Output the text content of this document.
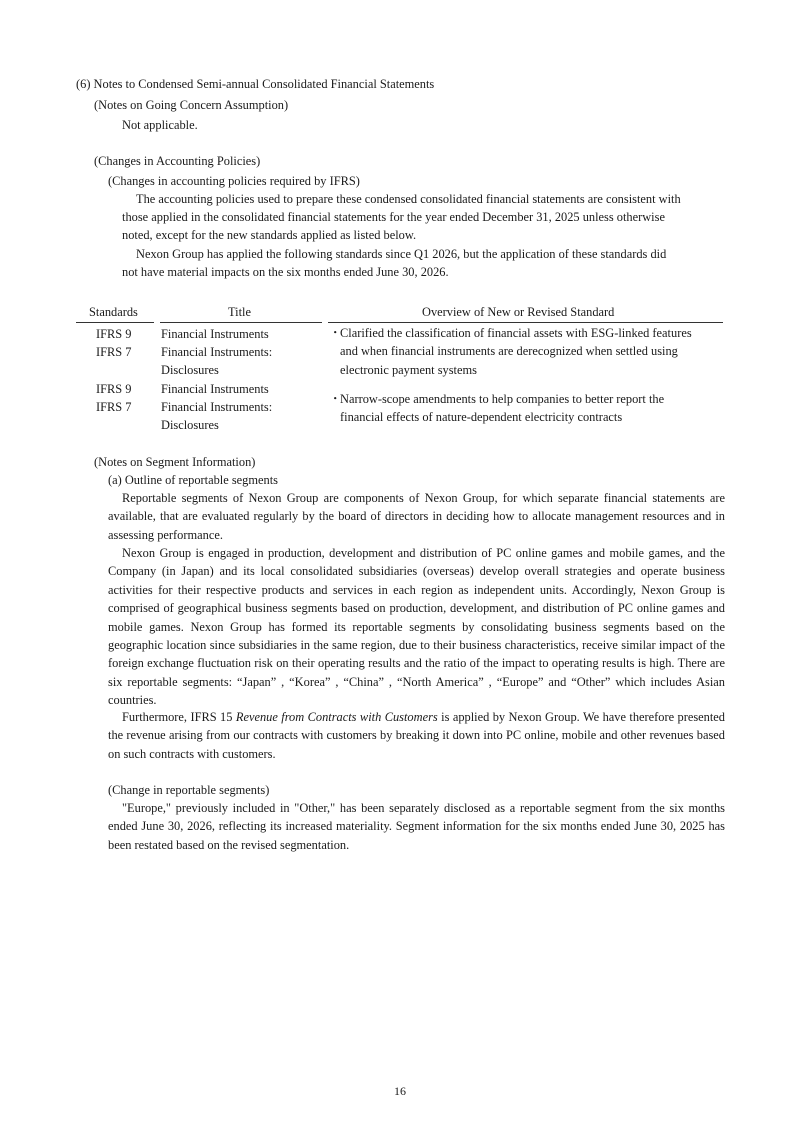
(6) Notes to Condensed Semi-annual Consolidated Financial Statements
(Notes on Going Concern Assumption)
Not applicable.
(Changes in Accounting Policies)
(Changes in accounting policies required by IFRS)
The accounting policies used to prepare these condensed consolidated financial statements are consistent with
those applied in the consolidated financial statements for the year ended December 31, 2025 unless otherwise
noted, except for the new standards applied as listed below.
Nexon Group has applied the following standards since Q1 2026, but the application of these standards did
not have material impacts on the six months ended June 30, 2026.
Standards	Title	Overview of New or Revised Standard
IFRS 9 Financial Instruments
IFRS 7 Financial Instruments:
Disclosures
・
Clarified the classification of financial assets with ESG-linked features
and when financial instruments are derecognized when settled using
electronic payment systems
IFRS 9 Financial Instruments
IFRS 7 Financial Instruments:
Disclosures
・
Narrow-scope amendments to help companies to better report the
financial effects of nature-dependent electricity contracts
(Notes on Segment Information)
(a) Outline of reportable segments
Reportable segments of Nexon Group are components of Nexon Group, for which separate financial statements are available, that are evaluated regularly by the board of directors in deciding how to allocate management resources and in assessing performance.
Nexon Group is engaged in production, development and distribution of PC online games and mobile games, and the Company (in Japan) and its local consolidated subsidiaries (overseas) develop overall strategies and operate business activities for their respective products and services in each region as independent units. Accordingly, Nexon Group is comprised of geographical business segments based on production, development, and distribution of PC online games and mobile games. Nexon Group has formed its reportable segments by consolidating business segments based on the geographic location since subsidiaries in the same region, due to their business characteristics, receive similar impact of the foreign exchange fluctuation risk on their operating results and the ratio of the impact to operating results is high. There are six reportable segments: “Japan” , “Korea” , “China” , “North America” , “Europe” and “Other” which includes Asian countries.
Furthermore, IFRS 15 Revenue from Contracts with Customers is applied by Nexon Group. We have therefore presented the revenue arising from our contracts with customers by breaking it down into PC online, mobile and other revenues based on such contracts with customers.
(Change in reportable segments)
"Europe," previously included in "Other," has been separately disclosed as a reportable segment from the six months ended June 30, 2026, reflecting its increased materiality. Segment information for the six months ended June 30, 2025 has been restated based on the revised segmentation.
16
